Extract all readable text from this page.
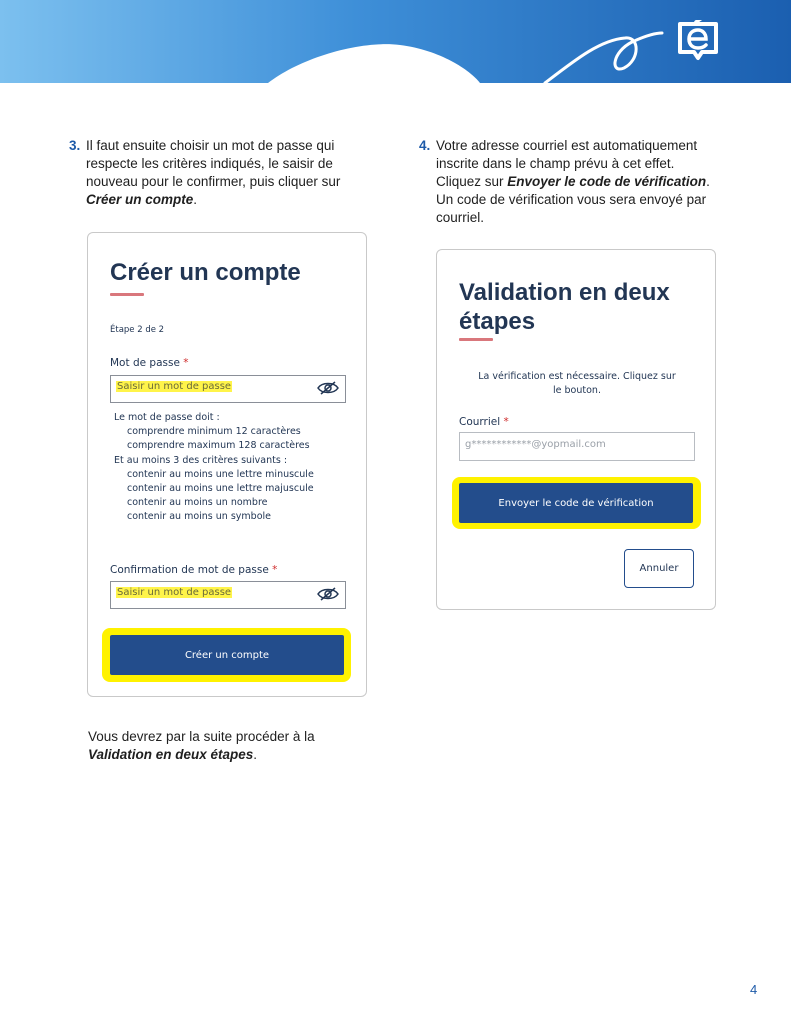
3. Il faut ensuite choisir un mot de passe qui respecte les critères indiqués, le saisir de nouveau pour le confirmer, puis cliquer sur Créer un compte.
4. Votre adresse courriel est automatiquement inscrite dans le champ prévu à cet effet. Cliquez sur Envoyer le code de vérification. Un code de vérification vous sera envoyé par courriel.
Créer un compte
Étape 2 de 2
Mot de passe *
Saisir un mot de passe
Le mot de passe doit :
comprendre minimum 12 caractères
comprendre maximum 128 caractères
Et au moins 3 des critères suivants :
contenir au moins une lettre minuscule
contenir au moins une lettre majuscule
contenir au moins un nombre
contenir au moins un symbole
Confirmation de mot de passe *
Saisir un mot de passe
Créer un compte
Validation en deux
étapes
La vérification est nécessaire. Cliquez sur le bouton.
Courriel *
g************@yopmail.com
Envoyer le code de vérification
Annuler
Vous devrez par la suite procéder à la Validation en deux étapes.
4
